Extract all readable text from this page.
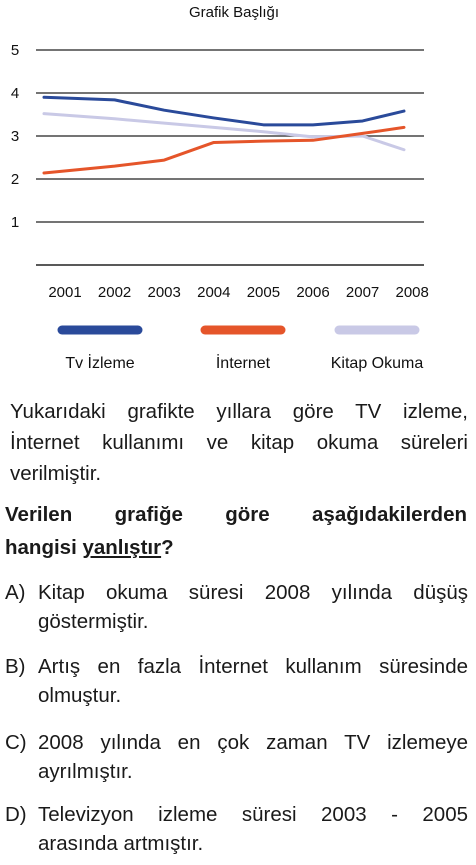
Grafik Başlığı
1
2
3
4
5
2001 2002 2003 2004 2005 2006 2007 2008
Tv İzleme	İnternet	Kitap Okuma
Yukarıdaki grafikte yıllara göre TV izleme,
İnternet kullanımı ve kitap okuma süreleri
verilmiştir.
Verilen grafiğe göre aşağıdakilerden
hangisi yanlıştır?
A) Kitap okuma süresi 2008 yılında düşüş
göstermiştir.
B) Artış en fazla İnternet kullanım süresinde
olmuştur.
C) 2008 yılında en çok zaman TV izlemeye
ayrılmıştır.
D) Televizyon izleme süresi 2003 - 2005
arasında artmıştır.
